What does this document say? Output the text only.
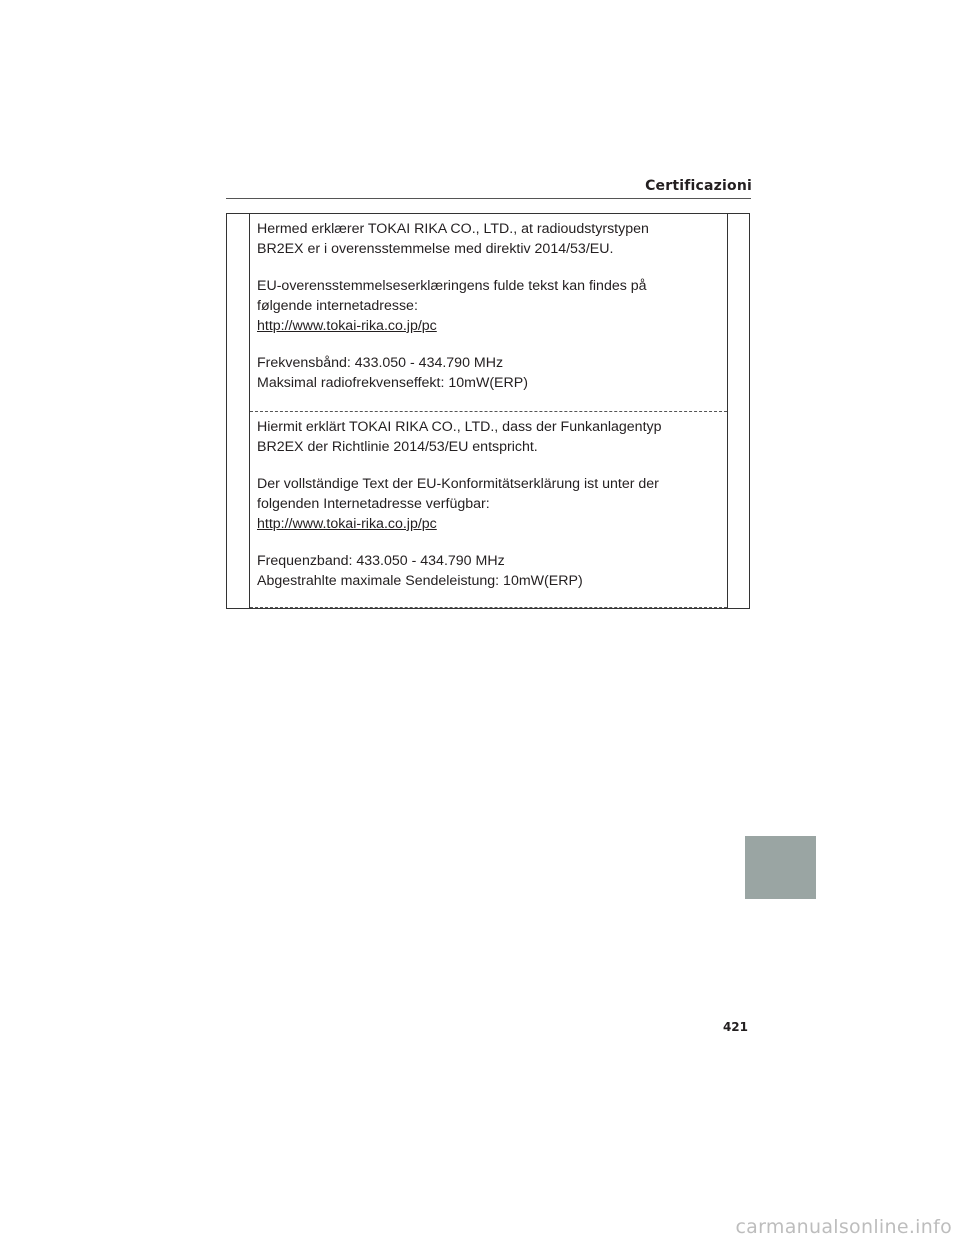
Certificazioni

Hermed erklærer TOKAI RIKA CO., LTD., at radioudstyrstypen

BR2EX er i overensstemmelse med direktiv 2014/53/EU.

EU-overensstemmelseserklæringens fulde tekst kan findes på

følgende internetadresse:

http://www.tokai-rika.co.jp/pc

Frekvensbånd: 433.050 - 434.790 MHz

Maksimal radiofrekvenseffekt: 10mW(ERP)

Hiermit erklärt TOKAI RIKA CO., LTD., dass der Funkanlagentyp

BR2EX der Richtlinie 2014/53/EU entspricht.

Der vollständige Text der EU-Konformitätserklärung ist unter der

folgenden Internetadresse verfügbar:

http://www.tokai-rika.co.jp/pc

Frequenzband: 433.050 - 434.790 MHz

Abgestrahlte maximale Sendeleistung: 10mW(ERP)

421
carmanualsonline.info
